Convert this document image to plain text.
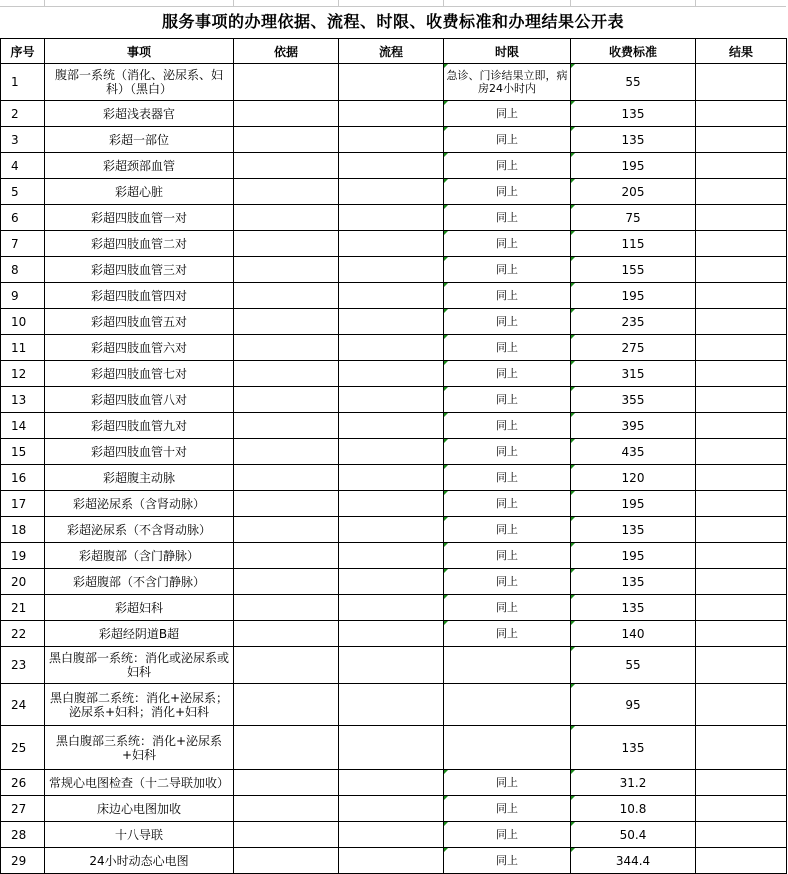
服务事项的办理依据、流程、时限、收费标准和办理结果公开表
序号	事项	依据	流程	时限	收费标准	结果
1	腹部一系统（消化、泌尿系、妇科）（黑白）			急诊、门诊结果立即，病房24小时内	55	
2	彩超浅表器官			同上	135	
3	彩超一部位			同上	135	
4	彩超颈部血管			同上	195	
5	彩超心脏			同上	205	
6	彩超四肢血管一对			同上	75	
7	彩超四肢血管二对			同上	115	
8	彩超四肢血管三对			同上	155	
9	彩超四肢血管四对			同上	195	
10	彩超四肢血管五对			同上	235	
11	彩超四肢血管六对			同上	275	
12	彩超四肢血管七对			同上	315	
13	彩超四肢血管八对			同上	355	
14	彩超四肢血管九对			同上	395	
15	彩超四肢血管十对			同上	435	
16	彩超腹主动脉			同上	120	
17	彩超泌尿系（含肾动脉）			同上	195	
18	彩超泌尿系（不含肾动脉）			同上	135	
19	彩超腹部（含门静脉）			同上	195	
20	彩超腹部（不含门静脉）			同上	135	
21	彩超妇科			同上	135	
22	彩超经阴道B超			同上	140	
23	黑白腹部一系统：消化或泌尿系或妇科				55	
24	黑白腹部二系统：消化+泌尿系；泌尿系+妇科；消化+妇科				95	
25	黑白腹部三系统：消化+泌尿系+妇科				135	
26	常规心电图检查（十二导联加收）			同上	31.2	
27	床边心电图加收			同上	10.8	
28	十八导联			同上	50.4	
29	24小时动态心电图			同上	344.4	
